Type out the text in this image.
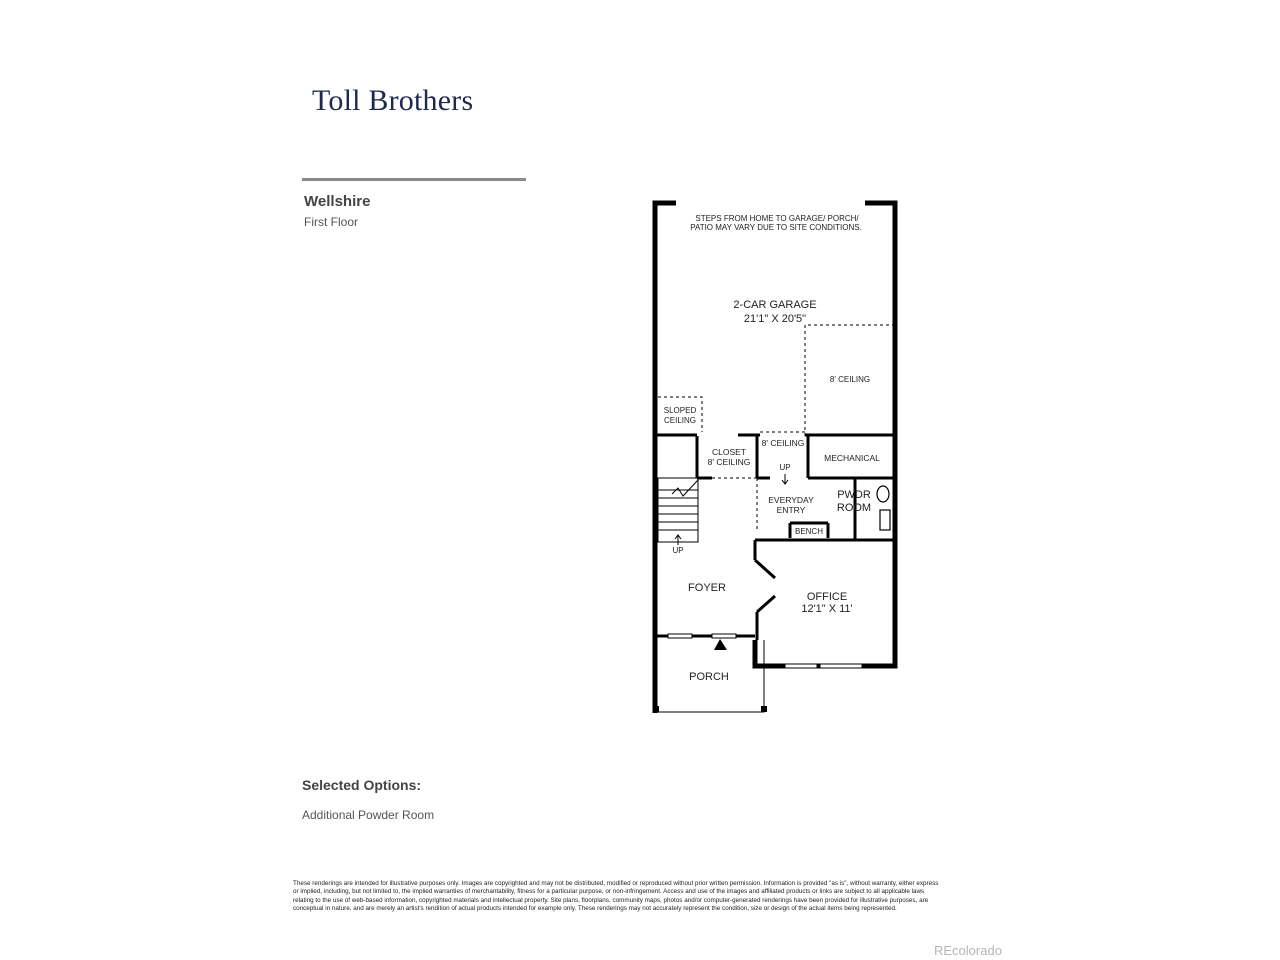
Toll Brothers
Wellshire
First Floor	STEPS FROM HOME TO GARAGE/ PORCH/
PATIO MAY VARY DUE TO SITE CONDITIONS.
2-CAR GARAGE
21'1" X 20'5"
8' CEILING
SLOPED
CEILING
CLOSET
8' CEILING
8' CEILING
MECHANICAL
UP
PWDR
ROOM
EVERYDAY
ENTRY
BENCH
UP
FOYER
OFFICE
12'1" X 11'
PORCH
Selected Options:
Additional Powder Room
These renderings are intended for illustrative purposes only. Images are copyrighted and may not be distributed, modified or reproduced without prior written permission. Information is provided "as is", without warranty, either express or implied, including, but not limited to, the implied warranties of merchantability, fitness for a particular purpose, or non-infringement. Access and use of the images and affiliated products or links are subject to all applicable laws relating to the use of web-based information, copyrighted materials and intellectual property. Site plans, floorplans, community maps, photos and/or computer-generated renderings have been provided for illustrative purposes, are conceptual in nature, and are merely an artist's rendition of actual products intended for example only. These renderings may not accurately represent the condition, size or design of the actual items being represented.
REcolorado
